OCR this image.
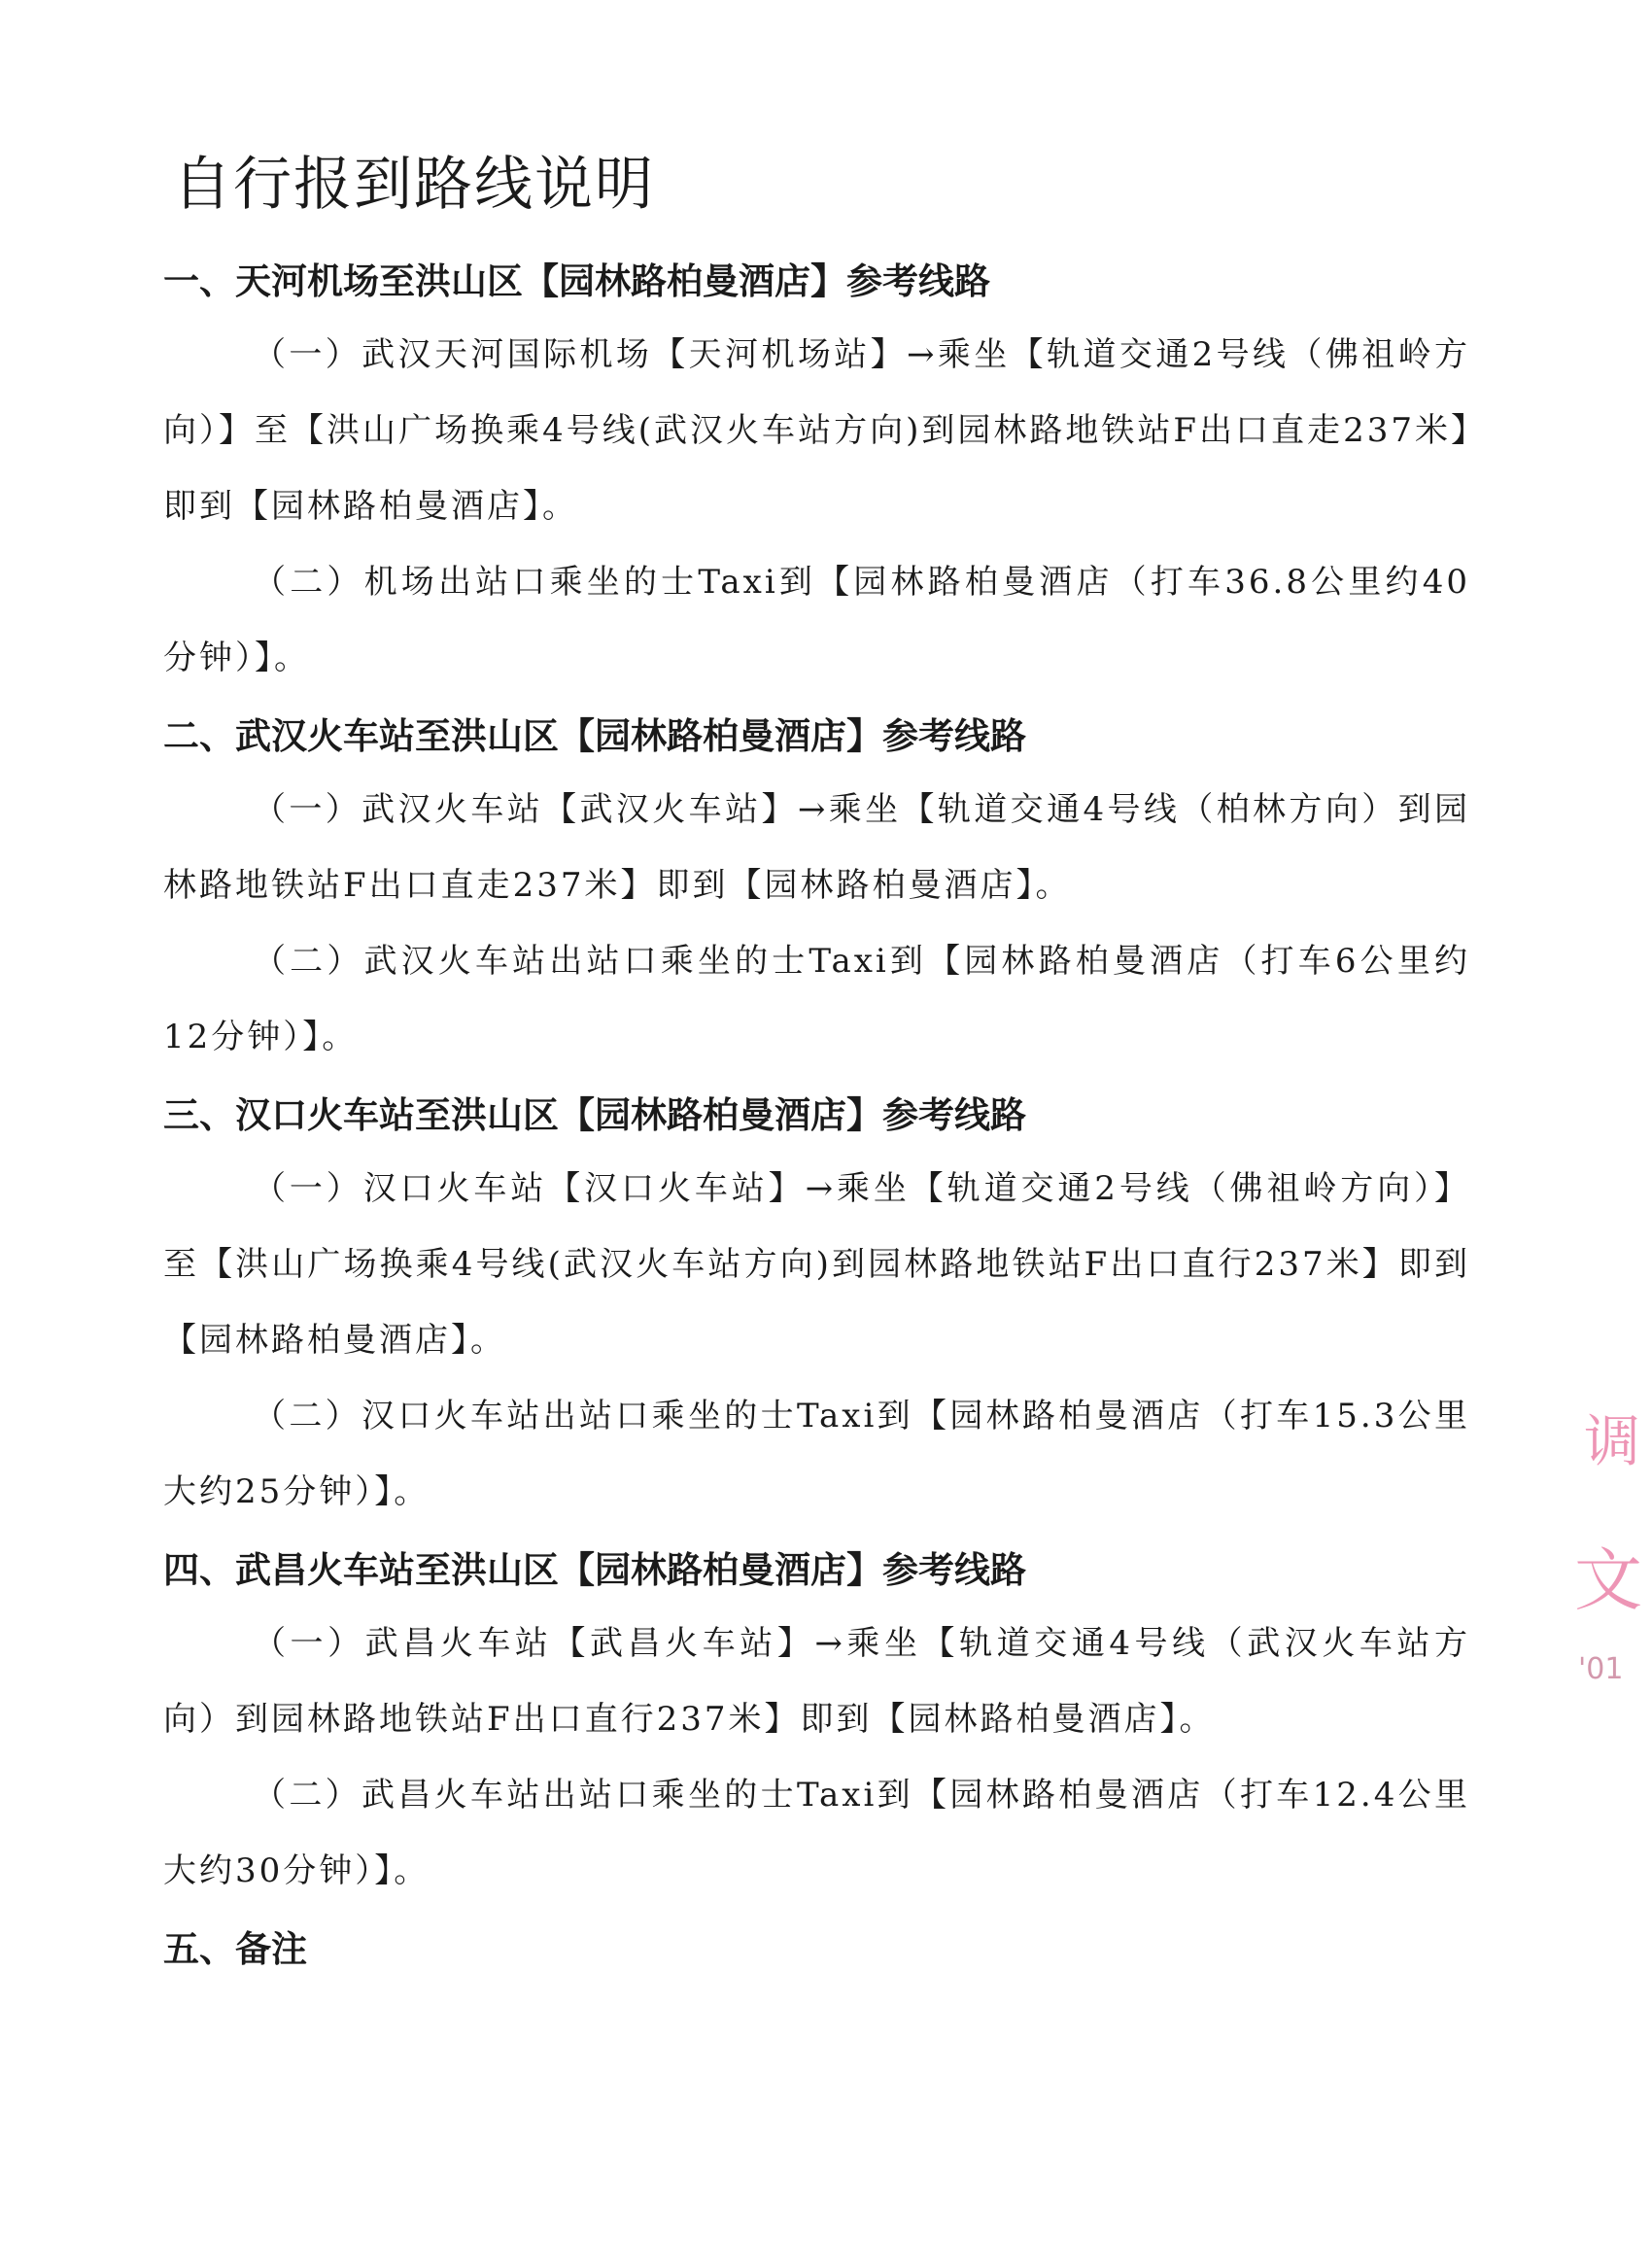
自行报到路线说明
一、天河机场至洪山区【园林路柏曼酒店】参考线路

（一）武汉天河国际机场【天河机场站】→乘坐【轨道交通2号线（佛祖岭方向）】至【洪山广场换乘4号线(武汉火车站方向)到园林路地铁站F出口直走237米】即到【园林路柏曼酒店】。

（二）机场出站口乘坐的士Taxi到【园林路柏曼酒店（打车36.8公里约40分钟）】。

二、武汉火车站至洪山区【园林路柏曼酒店】参考线路

（一）武汉火车站【武汉火车站】→乘坐【轨道交通4号线（柏林方向）到园林路地铁站F出口直走237米】即到【园林路柏曼酒店】。

（二）武汉火车站出站口乘坐的士Taxi到【园林路柏曼酒店（打车6公里约12分钟）】。

三、汉口火车站至洪山区【园林路柏曼酒店】参考线路

（一）汉口火车站【汉口火车站】→乘坐【轨道交通2号线（佛祖岭方向）】至【洪山广场换乘4号线(武汉火车站方向)到园林路地铁站F出口直行237米】即到【园林路柏曼酒店】。

（二）汉口火车站出站口乘坐的士Taxi到【园林路柏曼酒店（打车15.3公里大约25分钟）】。

四、武昌火车站至洪山区【园林路柏曼酒店】参考线路

（一）武昌火车站【武昌火车站】→乘坐【轨道交通4号线（武汉火车站方向）到园林路地铁站F出口直行237米】即到【园林路柏曼酒店】。

（二）武昌火车站出站口乘坐的士Taxi到【园林路柏曼酒店（打车12.4公里大约30分钟）】。

五、备注
调
文
'01
